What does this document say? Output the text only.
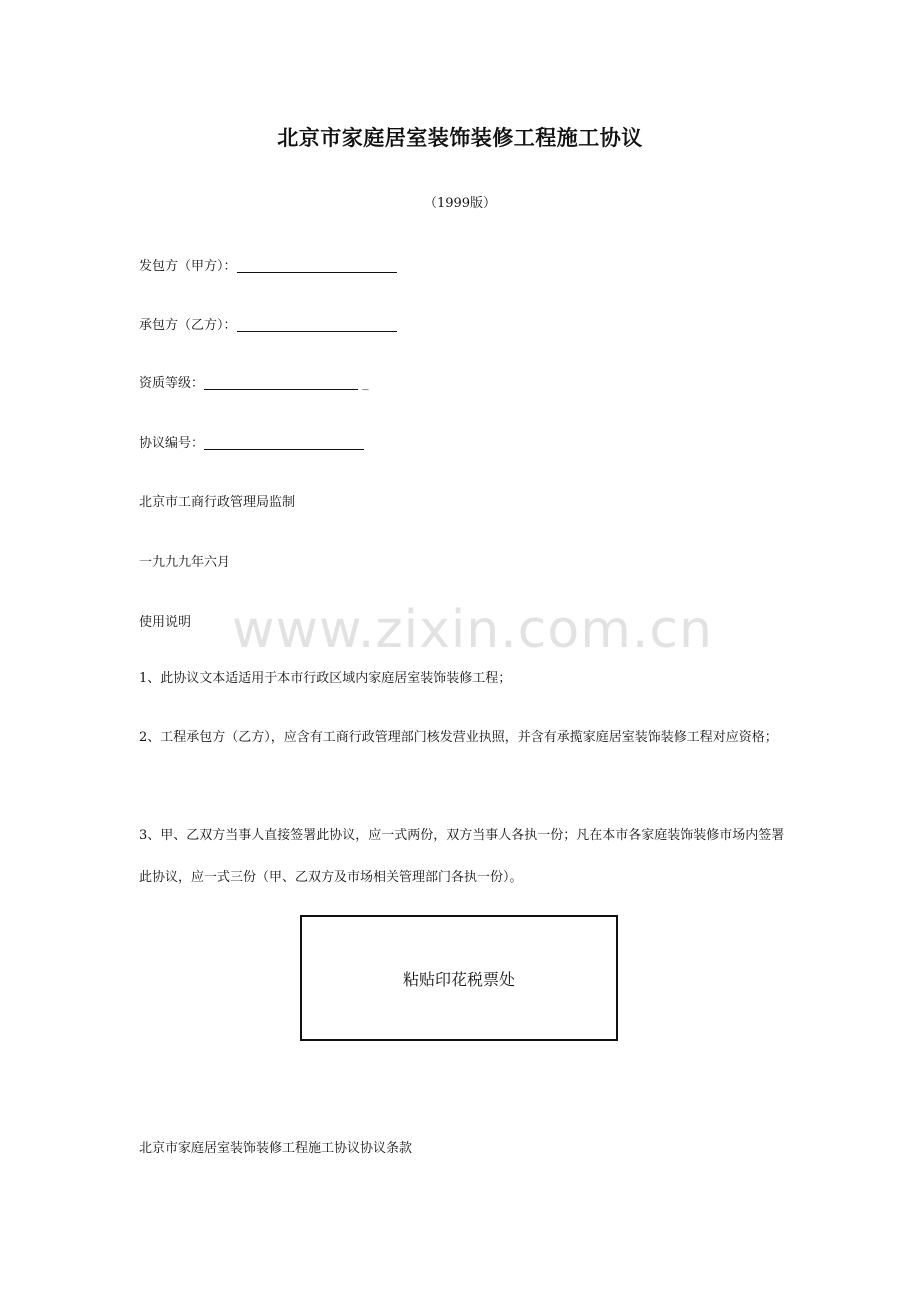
北京市家庭居室装饰装修工程施工协议
（1999版）
发包方（甲方）：
承包方（乙方）：
资质等级：	_
协议编号：
北京市工商行政管理局监制
一九九九年六月
使用说明 www.zixin.com.cn
1、此协议文本适适用于本市行政区域内家庭居室装饰装修工程；
2、工程承包方（乙方），应含有工商行政管理部门核发营业执照，并含有承揽家庭居室装饰装修工程对应资格；
3、甲、乙双方当事人直接签署此协议，应一式两份，双方当事人各执一份；凡在本市各家庭装饰装修市场内签署此协议，应一式三份（甲、乙双方及市场相关管理部门各执一份）。
粘贴印花税票处
北京市家庭居室装饰装修工程施工协议协议条款
